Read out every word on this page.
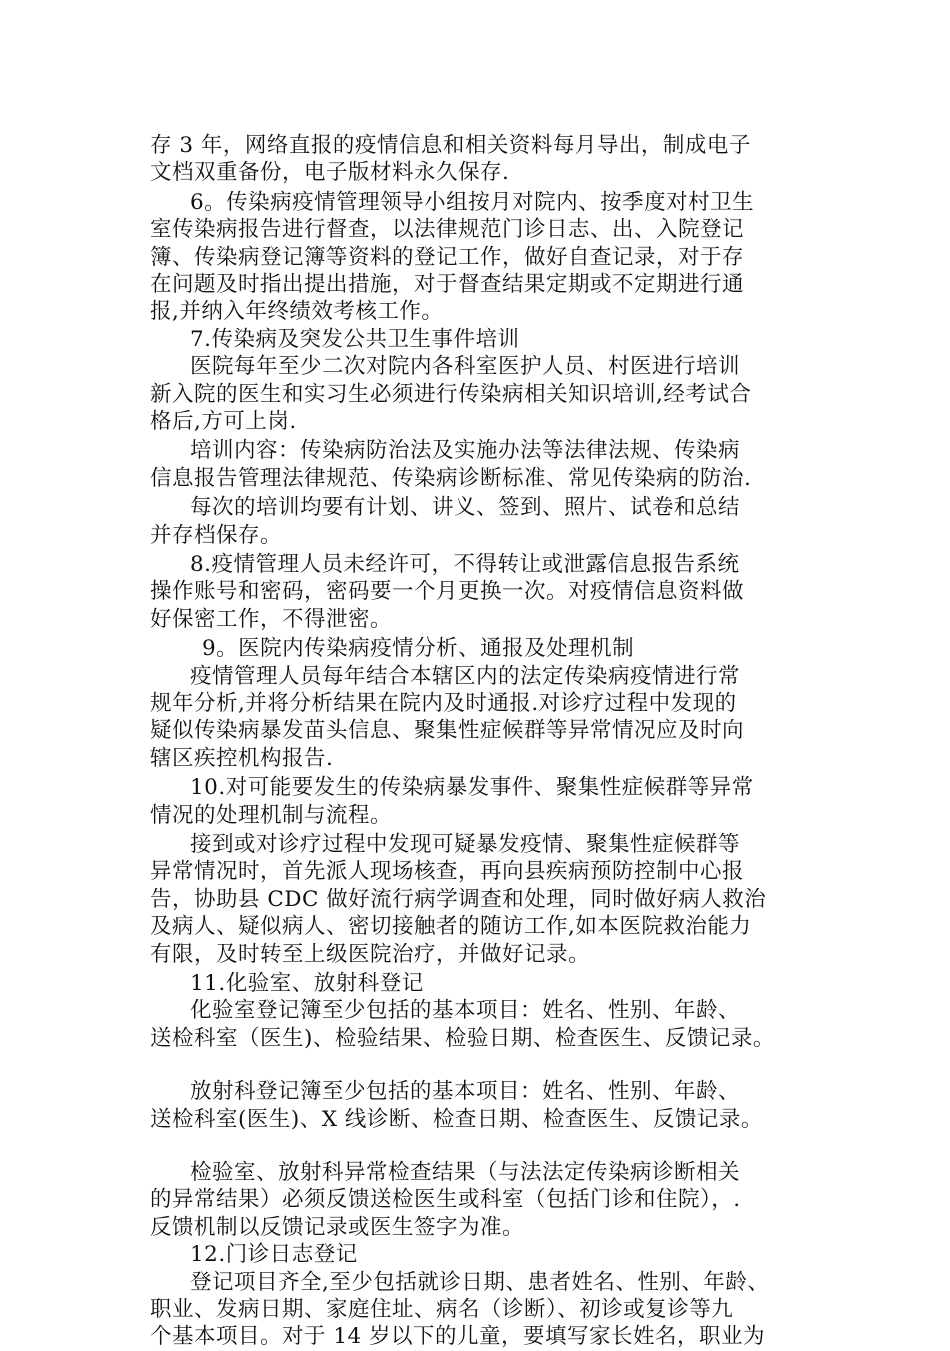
存 3 年，网络直报的疫情信息和相关资料每月导出，制成电子
文档双重备份，电子版材料永久保存.
6。传染病疫情管理领导小组按月对院内、按季度对村卫生
室传染病报告进行督查，以法律规范门诊日志、出、入院登记
簿、传染病登记簿等资料的登记工作，做好自查记录，对于存
在问题及时指出提出措施，对于督查结果定期或不定期进行通
报,并纳入年终绩效考核工作。
7.传染病及突发公共卫生事件培训
医院每年至少二次对院内各科室医护人员、村医进行培训
新入院的医生和实习生必须进行传染病相关知识培训,经考试合
格后,方可上岗.
培训内容：传染病防治法及实施办法等法律法规、传染病
信息报告管理法律规范、传染病诊断标准、常见传染病的防治.
每次的培训均要有计划、讲义、签到、照片、试卷和总结
并存档保存。
8.疫情管理人员未经许可，不得转让或泄露信息报告系统
操作账号和密码，密码要一个月更换一次。对疫情信息资料做
好保密工作，不得泄密。
9。医院内传染病疫情分析、通报及处理机制
疫情管理人员每年结合本辖区内的法定传染病疫情进行常
规年分析,并将分析结果在院内及时通报.对诊疗过程中发现的
疑似传染病暴发苗头信息、聚集性症候群等异常情况应及时向
辖区疾控机构报告.
10.对可能要发生的传染病暴发事件、聚集性症候群等异常
情况的处理机制与流程。
接到或对诊疗过程中发现可疑暴发疫情、聚集性症候群等
异常情况时，首先派人现场核查，再向县疾病预防控制中心报
告，协助县 CDC 做好流行病学调查和处理，同时做好病人救治
及病人、疑似病人、密切接触者的随访工作,如本医院救治能力
有限，及时转至上级医院治疗，并做好记录。
11.化验室、放射科登记
化验室登记簿至少包括的基本项目：姓名、性别、年龄、
送检科室（医生)、检验结果、检验日期、检查医生、反馈记录。
放射科登记簿至少包括的基本项目：姓名、性别、年龄、
送检科室(医生)、X 线诊断、检查日期、检查医生、反馈记录。
检验室、放射科异常检查结果（与法法定传染病诊断相关
的异常结果）必须反馈送检医生或科室（包括门诊和住院），.
反馈机制以反馈记录或医生签字为准。
12.门诊日志登记
登记项目齐全,至少包括就诊日期、患者姓名、性别、年龄、
职业、发病日期、家庭住址、病名（诊断）、初诊或复诊等九
个基本项目。对于 14 岁以下的儿童，要填写家长姓名，职业为
